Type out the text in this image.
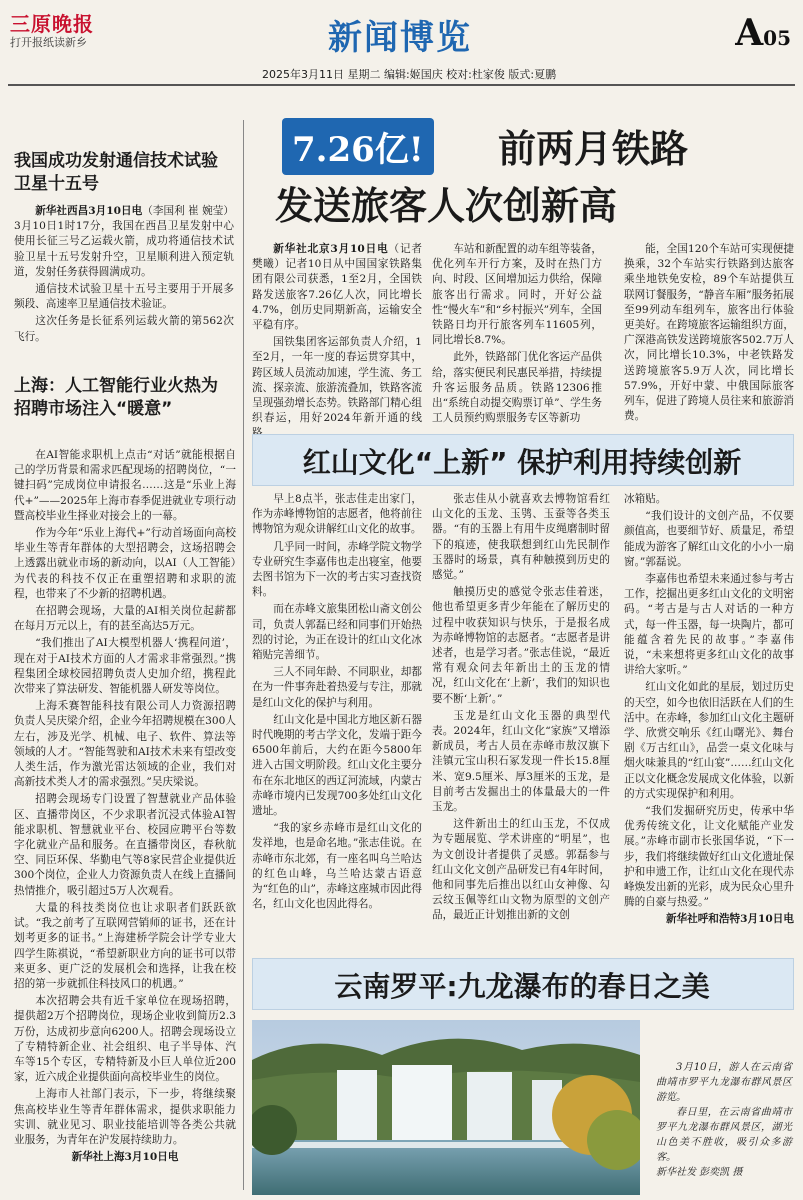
三原晚报
打开报纸读新乡	新闻博览	A05
2025年3月11日 星期二 编辑:姬国庆 校对:杜家俊 版式:夏鹏
我国成功发射通信技术试验卫星十五号

新华社西昌3月10日电（李国利 崔 婉莹）3月10日1时17分，我国在西昌卫星发射中心使用长征三号乙运载火箭，成功将通信技术试验卫星十五号发射升空，卫星顺利进入预定轨道，发射任务获得圆满成功。

通信技术试验卫星十五号主要用于开展多频段、高速率卫星通信技术验证。

这次任务是长征系列运载火箭的第562次飞行。

上海：人工智能行业火热为招聘市场注入“暖意”

在AI智能求职机上点击“对话”就能根据自己的学历背景和需求匹配现场的招聘岗位，“一键扫码”完成岗位申请报名……这是“乐业上海代+”——2025年上海市春季促进就业专项行动暨高校毕业生择业对接会上的一幕。

作为今年“乐业上海代+”行动首场面向高校毕业生等青年群体的大型招聘会，这场招聘会上透露出就业市场的新动向，以AI（人工智能）为代表的科技不仅正在重塑招聘和求职的流程，也带来了不少新的招聘机遇。

在招聘会现场，大量的AI相关岗位起薪都在每月万元以上，有的甚至高达5万元。

“我们推出了AI大模型机器人‘携程问道’，现在对于AI技术方面的人才需求非常强烈。”携程集团全球校园招聘负责人史加介绍，携程此次带来了算法研发、智能机器人研发等岗位。

上海禾赛智能科技有限公司人力资源招聘负责人吴庆梁介绍，企业今年招聘规模在300人左右，涉及光学、机械、电子、软件、算法等领域的人才。“智能驾驶和AI技术未来有望改变人类生活，作为激光雷达领域的企业，我们对高新技术类人才的需求强烈。”吴庆梁说。

招聘会现场专门设置了智慧就业产品体验区、直播带岗区，不少求职者沉浸式体验AI智能求职机、智慧就业平台、校园应聘平台等数字化就业产品和服务。在直播带岗区，春秋航空、同臣环保、华勤电气等8家民营企业提供近300个岗位，企业人力资源负责人在线上直播间热情推介，吸引超过5万人次观看。

大量的科技类岗位也让求职者们跃跃欲试。“我之前考了互联网营销师的证书，还在计划考更多的证书。”上海建桥学院会计学专业大四学生陈祺说，“希望新职业方向的证书可以带来更多、更广泛的发展机会和选择，让我在校招的第一步就抓住科技风口的机遇。”

本次招聘会共有近千家单位在现场招聘，提供超2万个招聘岗位，现场企业收到简历2.3万份，达成初步意向6200人。招聘会现场设立了专精特新企业、社会组织、电子半导体、汽车等15个专区，专精特新及小巨人单位近200家，近六成企业提供面向高校毕业生的岗位。

上海市人社部门表示，下一步，将继续聚焦高校毕业生等青年群体需求，提供求职能力实训、就业见习、职业技能培训等各类公共就业服务，为青年在沪发展持续助力。

新华社上海3月10日电

7.26亿! 前两月铁路
发送旅客人次创新高

新华社北京3月10日电（记者 樊曦）记者10日从中国国家铁路集团有限公司获悉，1至2月，全国铁路发送旅客7.26亿人次，同比增长4.7%，创历史同期新高，运输安全平稳有序。

国铁集团客运部负责人介绍，1至2月，一年一度的春运贯穿其中，跨区域人员流动加速，学生流、务工流、探亲流、旅游流叠加，铁路客流呈现强劲增长态势。铁路部门精心组织春运，用好2024年新开通的线

车站和新配置的动车组等装备，优化列车开行方案，及时在热门方向、时段、区间增加运力供给，保障旅客出行需求。同时，开好公益性“慢火车”和“乡村振兴”列车，全国铁路日均开行旅客列车11605列，同比增长8.7%。

此外，铁路部门优化客运产品供给，落实便民利民惠民举措，持续提升客运服务品质。铁路12306推出“系统自动提交购票订单”、学生务工人员预约购票服务专区等新功

能，全国120个车站可实现便捷换乘，32个车站实行铁路到达旅客乘坐地铁免安检，89个车站提供互联网订餐服务，“静音车厢”服务拓展至99列动车组列车，旅客出行体验更美好。在跨境旅客运输组织方面，广深港高铁发送跨境旅客502.7万人次，同比增长10.3%，中老铁路发送跨境旅客5.9万人次，同比增长57.9%，开好中蒙、中俄国际旅客列车，促进了跨境人员往来和旅游消费。

红山文化“上新” 保护利用持续创新

早上8点半，张志佳走出家门，作为赤峰博物馆的志愿者，他将前往博物馆为观众讲解红山文化的故事。

几乎同一时间，赤峰学院文物学专业研究生李嘉伟也走出寝室，他要去图书馆为下一次的考古实习查找资料。

而在赤峰文旅集团松山斋文创公司，负责人郭磊已经和同事们开始热烈的讨论，为正在设计的红山文化冰箱贴完善细节。

三人不同年龄、不同职业，却都在为一件事奔赴着热爱与专注，那就是红山文化的保护与利用。

红山文化是中国北方地区新石器时代晚期的考古学文化，发端于距今6500年前后，大约在距今5800年进入古国文明阶段。红山文化主要分布在东北地区的西辽河流域，内蒙古赤峰市境内已发现700多处红山文化遗址。

“我的家乡赤峰市是红山文化的发祥地，也是命名地。”张志佳说。在赤峰市东北郊，有一座名叫乌兰哈达的红色山峰，乌兰哈达蒙古语意为“红色的山”，赤峰这座城市因此得名，红山文化也因此得名。

张志佳从小就喜欢去博物馆看红山文化的玉龙、玉鸮、玉蚕等各类玉器。“有的玉器上有用牛皮绳磨制时留下的痕迹，使我联想到红山先民制作玉器时的场景，真有种触摸到历史的感觉。”

触摸历史的感觉令张志佳着迷，他也希望更多青少年能在了解历史的过程中收获知识与快乐，于是报名成为赤峰博物馆的志愿者。“志愿者是讲述者，也是学习者。”张志佳说，“最近常有观众问去年新出土的玉龙的情况，红山文化在‘上新’，我们的知识也要不断‘上新’。”

玉龙是红山文化玉器的典型代表。2024年，红山文化“家族”又增添新成员，考古人员在赤峰市敖汉旗下洼镇元宝山积石冢发现一件长15.8厘米、宽9.5厘米、厚3厘米的玉龙，是目前考古发掘出土的体量最大的一件玉龙。

这件新出土的红山玉龙，不仅成为专题展览、学术讲座的“明星”，也为文创设计者提供了灵感。郭磊参与红山文化文创产品研发已有4年时间，他和同事先后推出以红山女神像、勾云纹玉佩等红山文物为原型的文创产品，最近正计划推出新的文创

冰箱贴。

“我们设计的文创产品，不仅要颜值高，也要细节好、质量足，希望能成为游客了解红山文化的小小一扇窗。”郭磊说。

李嘉伟也希望未来通过参与考古工作，挖掘出更多红山文化的文明密码。“考古是与古人对话的一种方式，每一件玉器，每一块陶片，都可能蕴含着先民的故事。”李嘉伟说，“未来想将更多红山文化的故事讲给大家听。”

红山文化如此的星辰，划过历史的天空，如今也依旧活跃在人们的生活中。在赤峰，参加红山文化主题研学、欣赏交响乐《红山曙光》、舞台剧《万古红山》，品尝一桌文化味与烟火味兼具的“红山宴”……红山文化正以文化概念发展成文化体验，以新的方式实现保护和利用。

“我们发掘研究历史，传承中华优秀传统文化，让文化赋能产业发展。”赤峰市副市长张国华说，“下一步，我们将继续做好红山文化遗址保护和申遗工作，让红山文化在现代赤峰焕发出新的光彩，成为民众心里升腾的自豪与热爱。”

新华社呼和浩特3月10日电

云南罗平:九龙瀑布的春日之美

3月10日，游人在云南省曲靖市罗平九龙瀑布群风景区游览。

春日里，在云南省曲靖市罗平九龙瀑布群风景区，湖光山色美不胜收，吸引众多游客。

新华社发 彭奕凯 摄
